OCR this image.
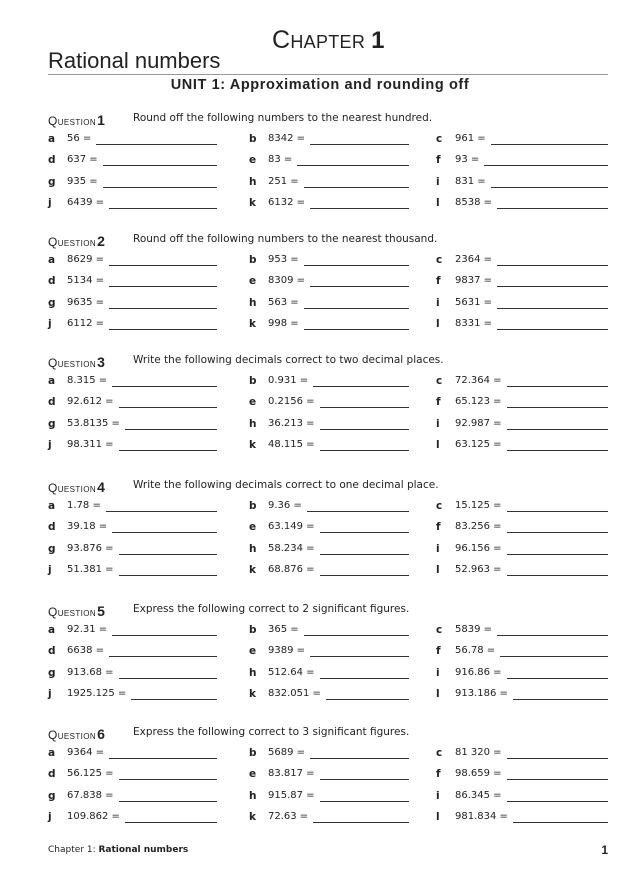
Chapter 1
Rational numbers
UNIT 1: Approximation and rounding off
Question1	Round off the following numbers to the nearest hundred.
a 56 =	b 8342 =	c 961 =
d 637 =	e 83 =	f 93 =
g 935 =	h 251 =	i 831 =
j 6439 =	k 6132 =	l 8538 =
Question2	Round off the following numbers to the nearest thousand.
a 8629 =	b 953 =	c 2364 =
d 5134 =	e 8309 =	f 9837 =
g 9635 =	h 563 =	i 5631 =
j 6112 =	k 998 =	l 8331 =
Question3	Write the following decimals correct to two decimal places.
a 8.315 =	b 0.931 =	c 72.364 =
d 92.612 =	e 0.2156 =	f 65.123 =
g 53.8135 =	h 36.213 =	i 92.987 =
j 98.311 =	k 48.115 =	l 63.125 =
Question4	Write the following decimals correct to one decimal place.
a 1.78 =	b 9.36 =	c 15.125 =
d 39.18 =	e 63.149 =	f 83.256 =
g 93.876 =	h 58.234 =	i 96.156 =
j 51.381 =	k 68.876 =	l 52.963 =
Question5	Express the following correct to 2 significant figures.
a 92.31 =	b 365 =	c 5839 =
d 6638 =	e 9389 =	f 56.78 =
g 913.68 =	h 512.64 =	i 916.86 =
j 1925.125 =	k 832.051 =	l 913.186 =
Question6	Express the following correct to 3 significant figures.
a 9364 =	b 5689 =	c 81 320 =
d 56.125 =	e 83.817 =	f 98.659 =
g 67.838 =	h 915.87 =	i 86.345 =
j 109.862 =	k 72.63 =	l 981.834 =
Chapter 1: Rational numbers	1
